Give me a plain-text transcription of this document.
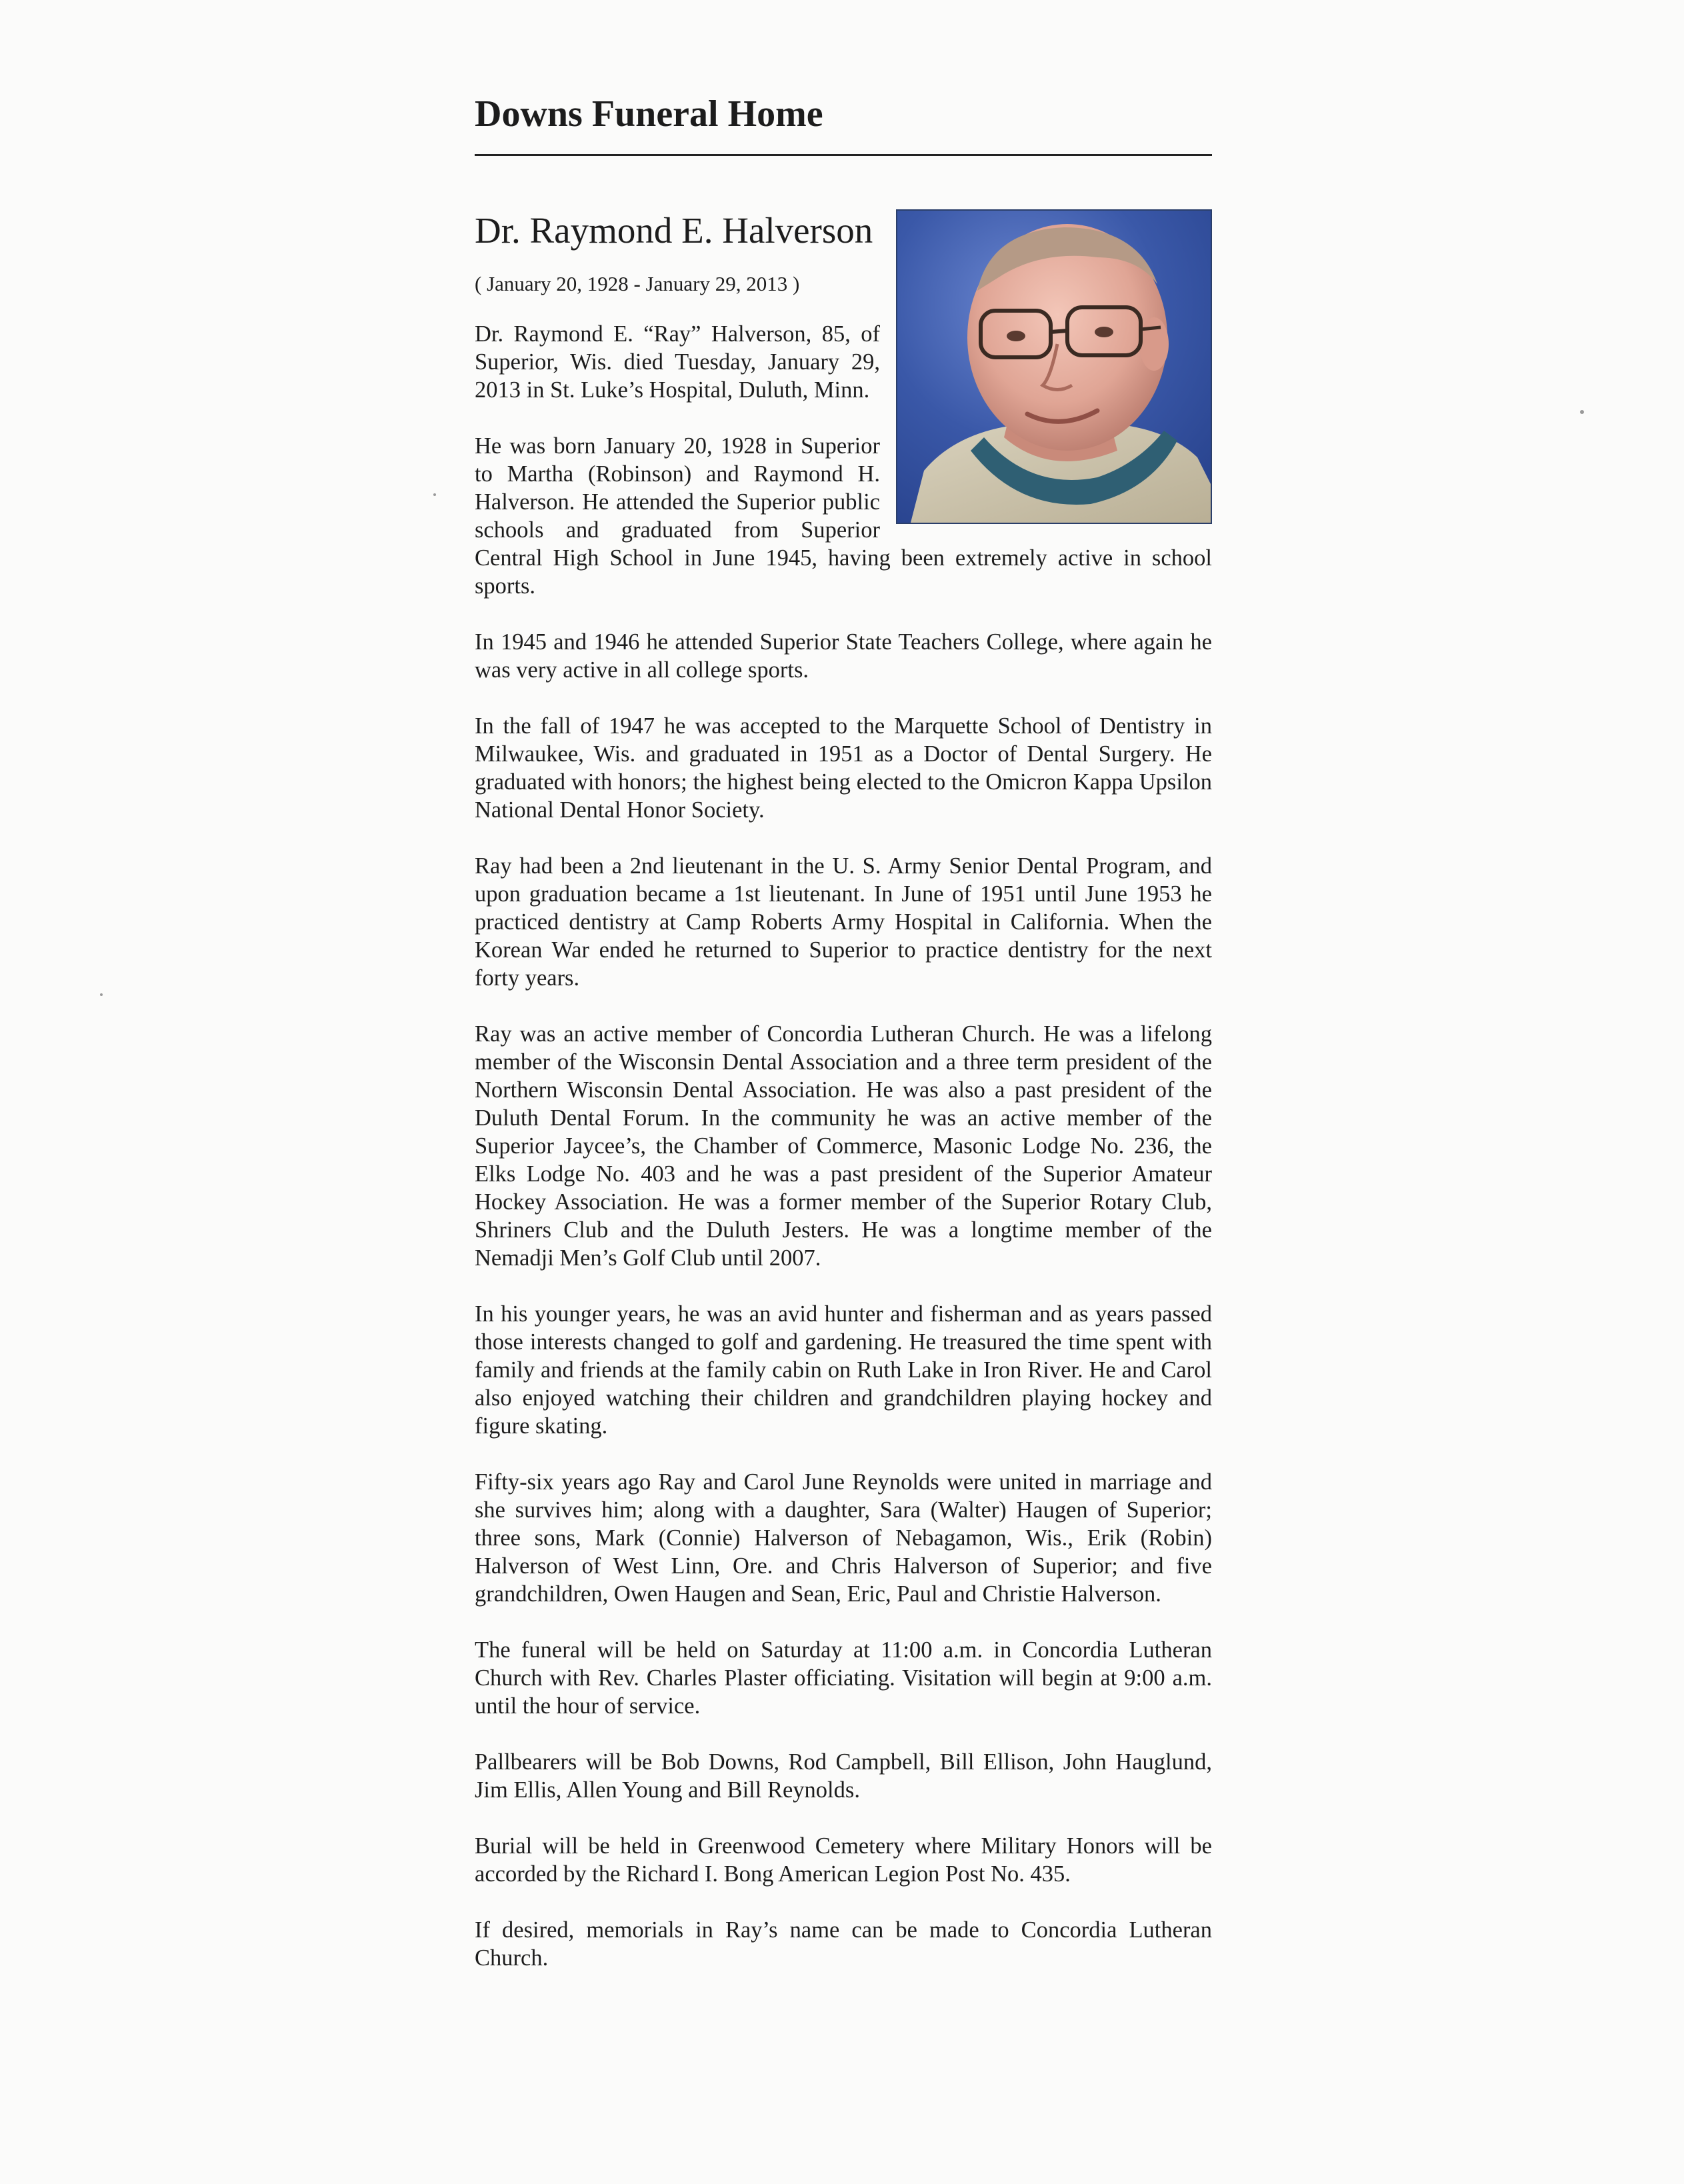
Downs Funeral Home
Dr. Raymond E. Halverson

( January 20, 1928 - January 29, 2013 )

Dr. Raymond E. “Ray” Halverson, 85, of Superior, Wis. died Tuesday, January 29, 2013 in St. Luke’s Hospital, Duluth, Minn.

He was born January 20, 1928 in Superior to Martha (Robinson) and Raymond H. Halverson. He attended the Superior public schools and graduated from Superior Central High School in June 1945, having been extremely active in school sports.

In 1945 and 1946 he attended Superior State Teachers College, where again he was very active in all college sports.

In the fall of 1947 he was accepted to the Marquette School of Dentistry in Milwaukee, Wis. and graduated in 1951 as a Doctor of Dental Surgery. He graduated with honors; the highest being elected to the Omicron Kappa Upsilon National Dental Honor Society.

Ray had been a 2nd lieutenant in the U. S. Army Senior Dental Program, and upon graduation became a 1st lieutenant. In June of 1951 until June 1953 he practiced dentistry at Camp Roberts Army Hospital in California. When the Korean War ended he returned to Superior to practice dentistry for the next forty years.

Ray was an active member of Concordia Lutheran Church. He was a lifelong member of the Wisconsin Dental Association and a three term president of the Northern Wisconsin Dental Association. He was also a past president of the Duluth Dental Forum. In the community he was an active member of the Superior Jaycee’s, the Chamber of Commerce, Masonic Lodge No. 236, the Elks Lodge No. 403 and he was a past president of the Superior Amateur Hockey Association. He was a former member of the Superior Rotary Club, Shriners Club and the Duluth Jesters. He was a longtime member of the Nemadji Men’s Golf Club until 2007.

In his younger years, he was an avid hunter and fisherman and as years passed those interests changed to golf and gardening. He treasured the time spent with family and friends at the family cabin on Ruth Lake in Iron River. He and Carol also enjoyed watching their children and grandchildren playing hockey and figure skating.

Fifty-six years ago Ray and Carol June Reynolds were united in marriage and she survives him; along with a daughter, Sara (Walter) Haugen of Superior; three sons, Mark (Connie) Halverson of Nebagamon, Wis., Erik (Robin) Halverson of West Linn, Ore. and Chris Halverson of Superior; and five grandchildren, Owen Haugen and Sean, Eric, Paul and Christie Halverson.

The funeral will be held on Saturday at 11:00 a.m. in Concordia Lutheran Church with Rev. Charles Plaster officiating. Visitation will begin at 9:00 a.m. until the hour of service.

Pallbearers will be Bob Downs, Rod Campbell, Bill Ellison, John Hauglund, Jim Ellis, Allen Young and Bill Reynolds.

Burial will be held in Greenwood Cemetery where Military Honors will be accorded by the Richard I. Bong American Legion Post No. 435.

If desired, memorials in Ray’s name can be made to Concordia Lutheran Church.
